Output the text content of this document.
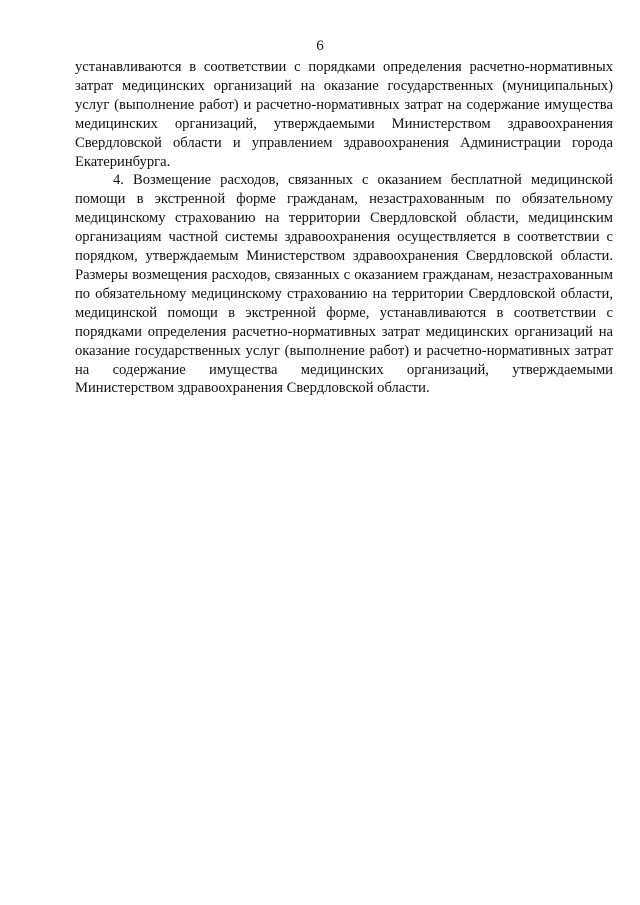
6

устанавливаются в соответствии с порядками определения расчетно-нормативных затрат медицинских организаций на оказание государственных (муниципальных) услуг (выполнение работ) и расчетно-нормативных затрат на содержание имущества медицинских организаций, утверждаемыми Министерством здравоохранения Свердловской области и управлением здравоохранения Администрации города Екатеринбурга.

4. Возмещение расходов, связанных с оказанием бесплатной медицинской помощи в экстренной форме гражданам, незастрахованным по обязательному медицинскому страхованию на территории Свердловской области, медицинским организациям частной системы здравоохранения осуществляется в соответствии с порядком, утверждаемым Министерством здравоохранения Свердловской области. Размеры возмещения расходов, связанных с оказанием гражданам, незастрахованным по обязательному медицинскому страхованию на территории Свердловской области, медицинской помощи в экстренной форме, устанавливаются в соответствии с порядками определения расчетно-нормативных затрат медицинских организаций на оказание государственных услуг (выполнение работ) и расчетно-нормативных затрат на содержание имущества медицинских организаций, утверждаемыми Министерством здравоохранения Свердловской области.
